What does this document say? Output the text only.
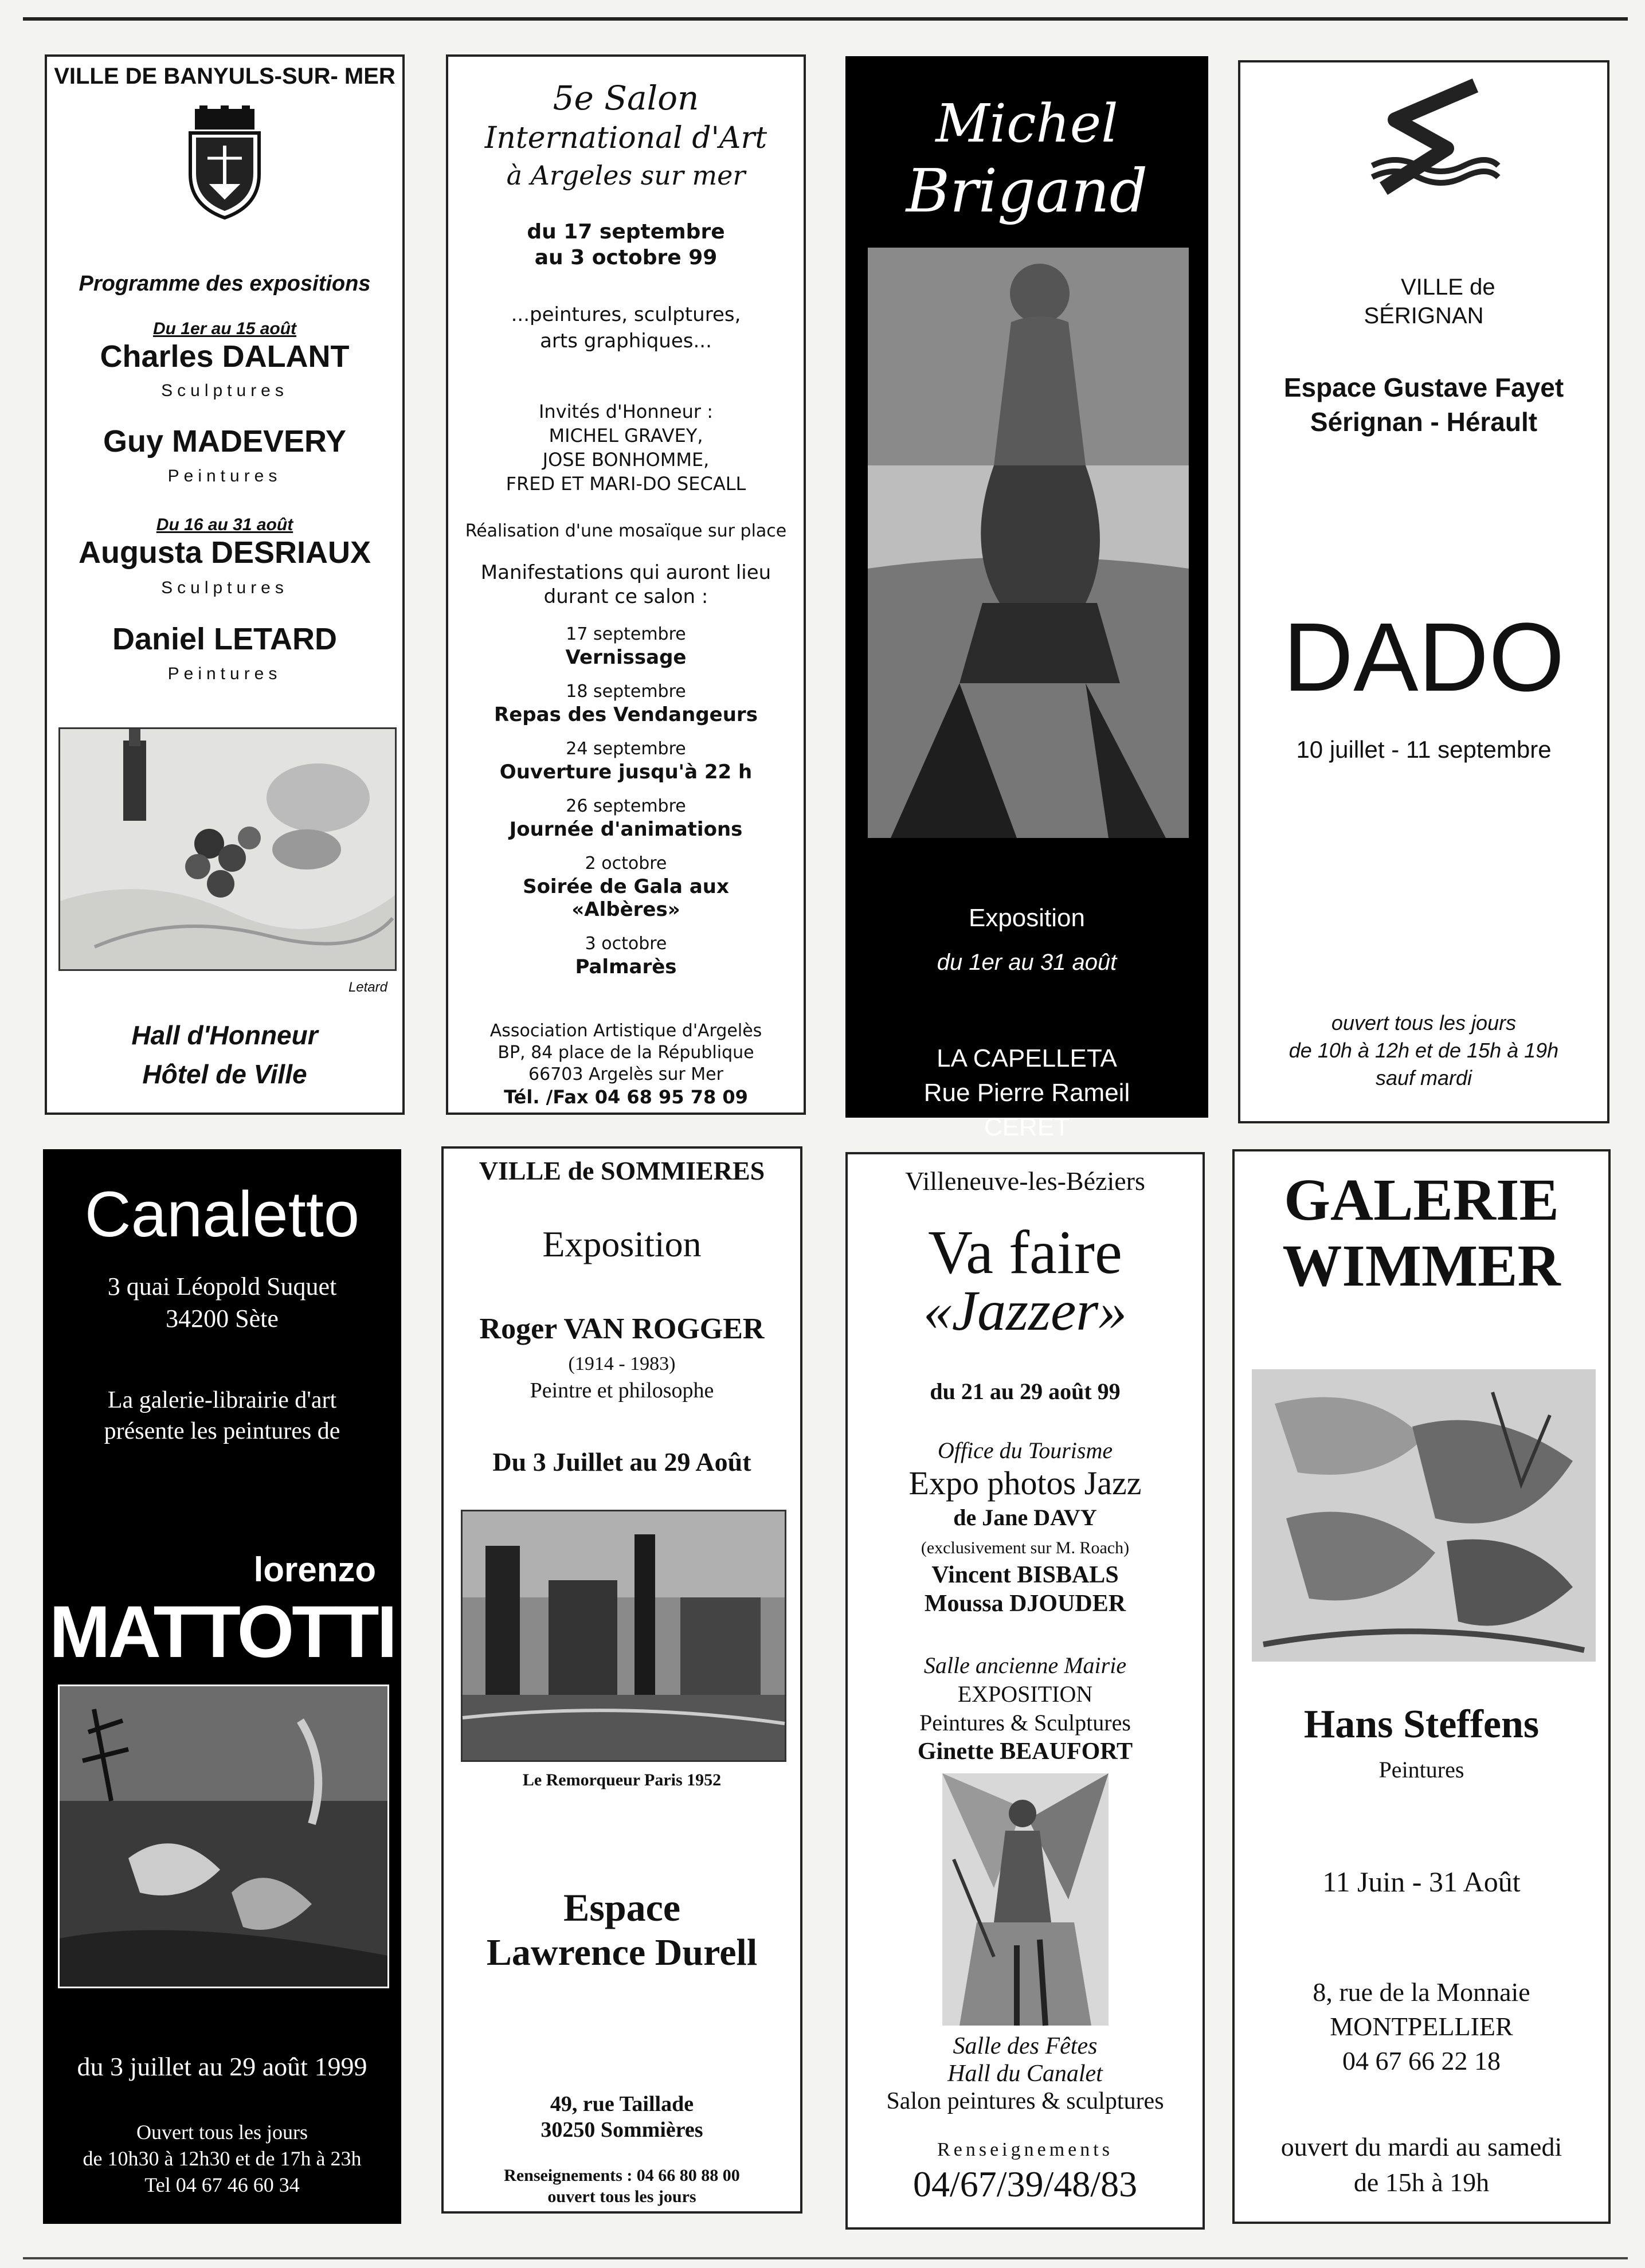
VILLE DE BANYULS-SUR- MER
Programme des expositions
Du 1er au 15 août
Charles DALANT
Sculptures
Guy MADEVERY
Peintures
Du 16 au 31 août
Augusta DESRIAUX
Sculptures
Daniel LETARD
Peintures
Letard
Hall d'Honneur
Hôtel de Ville
5e Salon
International d'Art
à Argeles sur mer
du 17 septembre
au 3 octobre 99
...peintures, sculptures,
arts graphiques...
Invités d'Honneur :
MICHEL GRAVEY,
JOSE BONHOMME,
FRED ET MARI-DO SECALL
Réalisation d'une mosaïque sur place
Manifestations qui auront lieu
durant ce salon :
17 septembre
Vernissage
18 septembre
Repas des Vendangeurs
24 septembre
Ouverture jusqu'à 22 h
26 septembre
Journée d'animations
2 octobre
Soirée de Gala aux
«Albères»
3 octobre
Palmarès
Association Artistique d'Argelès
BP, 84 place de la République
66703 Argelès sur Mer
Tél. /Fax 04 68 95 78 09
Michel
Brigand
Exposition
du 1er au 31 août
LA CAPELLETA
Rue Pierre Rameil
CERET
VILLE de
SÉRIGNAN
Espace Gustave Fayet
Sérignan - Hérault
DADO
10 juillet - 11 septembre
ouvert tous les jours
de 10h à 12h et de 15h à 19h
sauf mardi
Canaletto
3 quai Léopold Suquet
34200 Sète
La galerie-librairie d'art
présente les peintures de
lorenzo
MATTOTTI
du 3 juillet au 29 août 1999
Ouvert tous les jours
de 10h30 à 12h30 et de 17h à 23h
Tel 04 67 46 60 34
VILLE de SOMMIERES
Exposition
Roger VAN ROGGER
(1914 - 1983)
Peintre et philosophe
Du 3 Juillet au 29 Août
Le Remorqueur Paris 1952
Espace
Lawrence Durell
49, rue Taillade
30250 Sommières
Renseignements : 04 66 80 88 00
ouvert tous les jours
Villeneuve-les-Béziers
Va faire
«Jazzer»
du 21 au 29 août 99
Office du Tourisme
Expo photos Jazz
de Jane DAVY
(exclusivement sur M. Roach)
Vincent BISBALS
Moussa DJOUDER
Salle ancienne Mairie
EXPOSITION
Peintures & Sculptures
Ginette BEAUFORT
Salle des Fêtes
Hall du Canalet
Salon peintures & sculptures
Renseignements
04/67/39/48/83
GALERIE
WIMMER
Hans Steffens
Peintures
11 Juin - 31 Août
8, rue de la Monnaie
MONTPELLIER
04 67 66 22 18
ouvert du mardi au samedi
de 15h à 19h
